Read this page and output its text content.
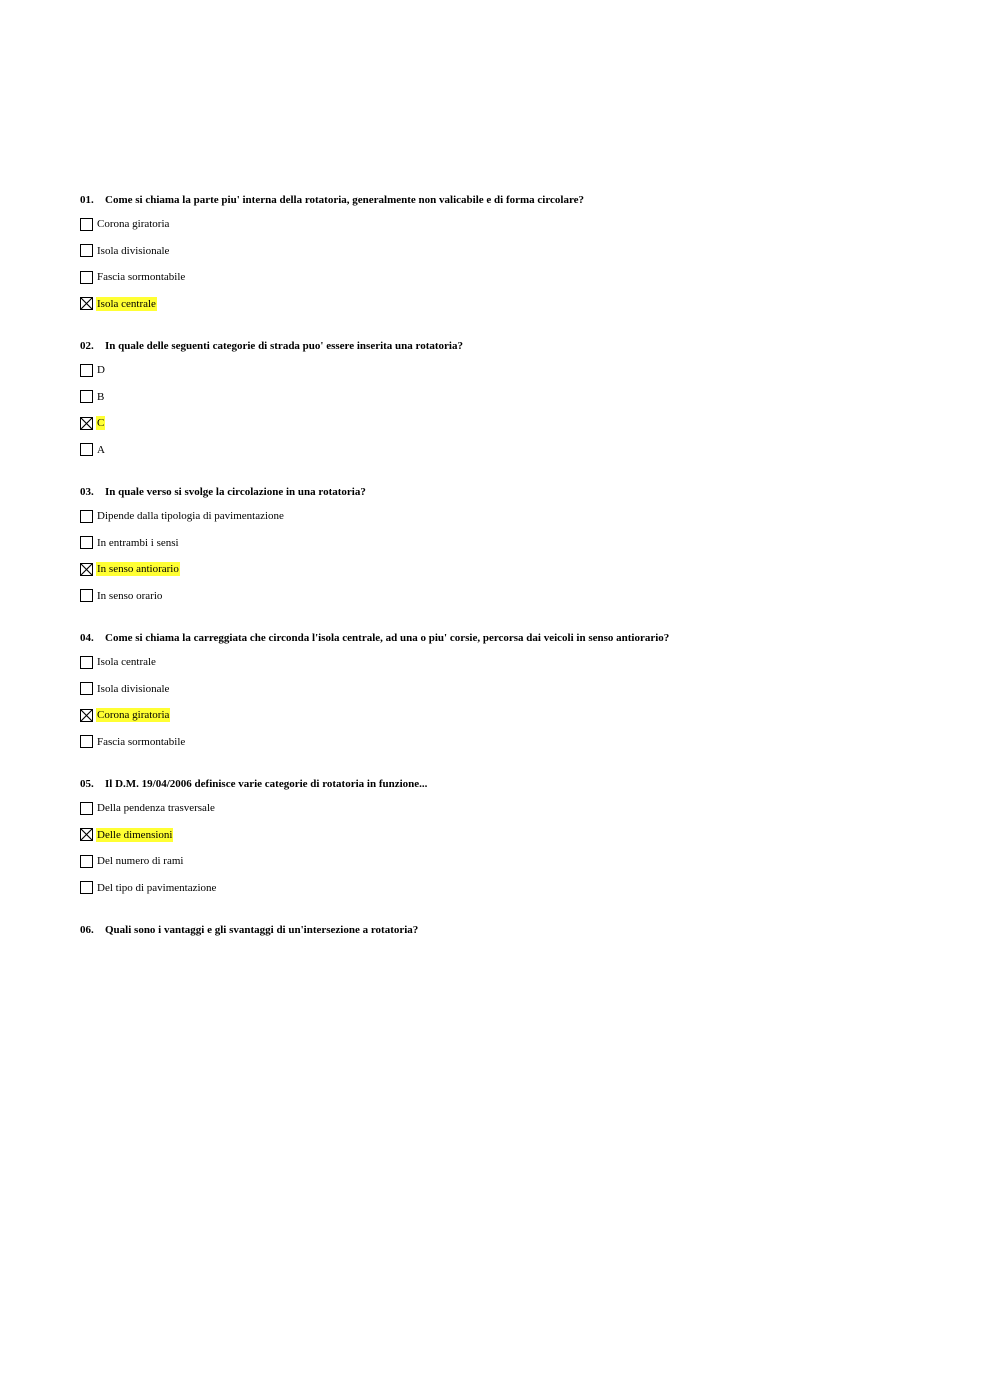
01. Come si chiama la parte piu' interna della rotatoria, generalmente non valicabile e di forma circolare?
Corona giratoria
Isola divisionale
Fascia sormontabile
Isola centrale
02. In quale delle seguenti categorie di strada puo' essere inserita una rotatoria?
D
B
C
A
03. In quale verso si svolge la circolazione in una rotatoria?
Dipende dalla tipologia di pavimentazione
In entrambi i sensi
In senso antiorario
In senso orario
04. Come si chiama la carreggiata che circonda l'isola centrale, ad una o piu' corsie, percorsa dai veicoli in senso antiorario?
Isola centrale
Isola divisionale
Corona giratoria
Fascia sormontabile
05. Il D.M. 19/04/2006 definisce varie categorie di rotatoria in funzione...
Della pendenza trasversale
Delle dimensioni
Del numero di rami
Del tipo di pavimentazione
06. Quali sono i vantaggi e gli svantaggi di un'intersezione a rotatoria?
